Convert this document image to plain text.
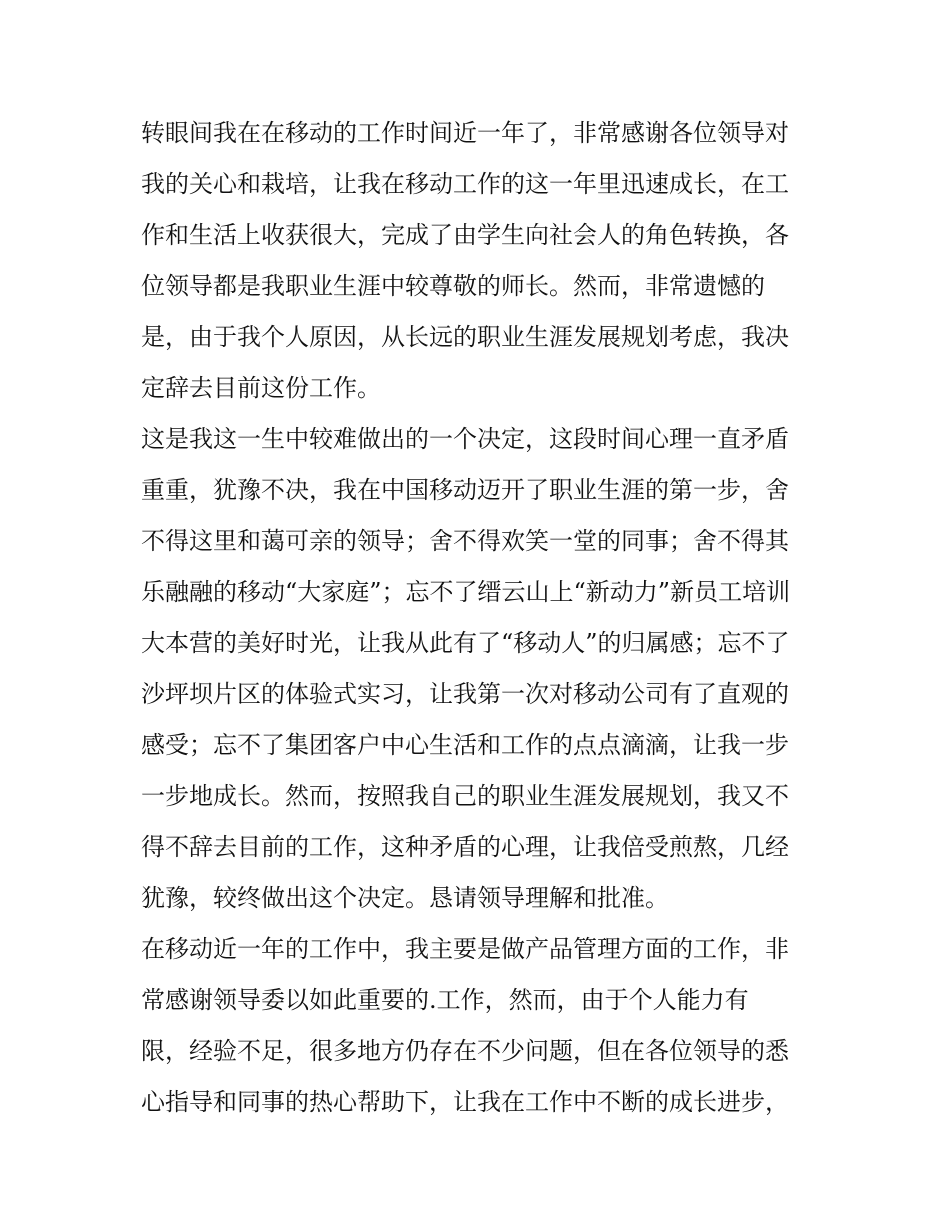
转眼间我在在移动的工作时间近一年了，非常感谢各位领导对
我的关心和栽培，让我在移动工作的这一年里迅速成长，在工
作和生活上收获很大，完成了由学生向社会人的角色转换，各
位领导都是我职业生涯中较尊敬的师长。然而，非常遗憾的
是，由于我个人原因，从长远的职业生涯发展规划考虑，我决
定辞去目前这份工作。
这是我这一生中较难做出的一个决定，这段时间心理一直矛盾
重重，犹豫不决，我在中国移动迈开了职业生涯的第一步，舍
不得这里和蔼可亲的领导；舍不得欢笑一堂的同事；舍不得其
乐融融的移动“大家庭”；忘不了缙云山上“新动力”新员工培训
大本营的美好时光，让我从此有了“移动人”的归属感；忘不了
沙坪坝片区的体验式实习，让我第一次对移动公司有了直观的
感受；忘不了集团客户中心生活和工作的点点滴滴，让我一步
一步地成长。然而，按照我自己的职业生涯发展规划，我又不
得不辞去目前的工作，这种矛盾的心理，让我倍受煎熬，几经
犹豫，较终做出这个决定。恳请领导理解和批准。
在移动近一年的工作中，我主要是做产品管理方面的工作，非
常感谢领导委以如此重要的.工作，然而，由于个人能力有
限，经验不足，很多地方仍存在不少问题，但在各位领导的悉
心指导和同事的热心帮助下，让我在工作中不断的成长进步，
